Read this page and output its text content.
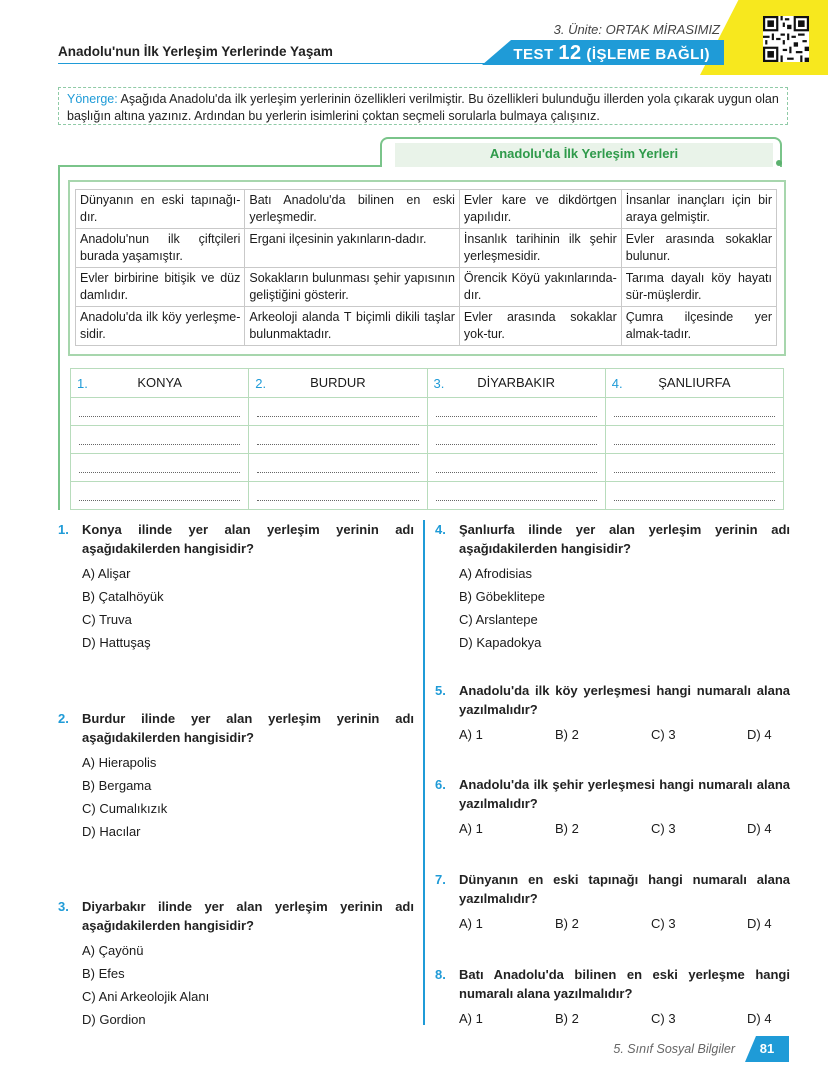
3. Ünite: ORTAK MİRASIMIZ
Anadolu'nun İlk Yerleşim Yerlerinde Yaşam	TEST 12 (İŞLEME BAĞLI)
Yönerge: Aşağıda Anadolu'da ilk yerleşim yerlerinin özellikleri verilmiştir. Bu özellikleri bulunduğu illerden yola çıkarak uygun olan başlığın altına yazınız. Ardından bu yerlerin isimlerini çoktan seçmeli sorularla bulmaya çalışınız.
Anadolu'da İlk Yerleşim Yerleri
Dünyanın en eski tapınağı-dır.	Batı Anadolu'da bilinen en eski yerleşmedir.	Evler kare ve dikdörtgen yapılıdır.	İnsanlar inançları için bir araya gelmiştir.
Anadolu'nun ilk çiftçileri burada yaşamıştır.	Ergani ilçesinin yakınların-dadır.	İnsanlık tarihinin ilk şehir yerleşmesidir.	Evler arasında sokaklar bulunur.
Evler birbirine bitişik ve düz damlıdır.	Sokakların bulunması şehir yapısının geliştiğini gösterir.	Örencik Köyü yakınlarında-dır.	Tarıma dayalı köy hayatı sür-müşlerdir.
Anadolu'da ilk köy yerleşme-sidir.	Arkeoloji alanda T biçimli dikili taşlar bulunmaktadır.	Evler arasında sokaklar yok-tur.	Çumra ilçesinde yer almak-tadır.
1. KONYA	2. BURDUR	3. DİYARBAKIR	4. ŞANLIURFA

1. Konya ilinde yer alan yerleşim yerinin adı aşağıdakilerden hangisidir?
A) Alişar
B) Çatalhöyük
C) Truva
D) Hattuşaş
2. Burdur ilinde yer alan yerleşim yerinin adı aşağıdakilerden hangisidir?
A) Hierapolis
B) Bergama
C) Cumalıkızık
D) Hacılar
3. Diyarbakır ilinde yer alan yerleşim yerinin adı aşağıdakilerden hangisidir?
A) Çayönü
B) Efes
C) Ani Arkeolojik Alanı
D) Gordion
4. Şanlıurfa ilinde yer alan yerleşim yerinin adı aşağıdakilerden hangisidir?
A) Afrodisias
B) Göbeklitepe
C) Arslantepe
D) Kapadokya
5. Anadolu'da ilk köy yerleşmesi hangi numaralı alana yazılmalıdır?
A) 1	B) 2	C) 3	D) 4
6. Anadolu'da ilk şehir yerleşmesi hangi numaralı alana yazılmalıdır?
A) 1	B) 2	C) 3	D) 4
7. Dünyanın en eski tapınağı hangi numaralı alana yazılmalıdır?
A) 1	B) 2	C) 3	D) 4
8. Batı Anadolu'da bilinen en eski yerleşme hangi numaralı alana yazılmalıdır?
A) 1	B) 2	C) 3	D) 4
5. Sınıf Sosyal Bilgiler	81
